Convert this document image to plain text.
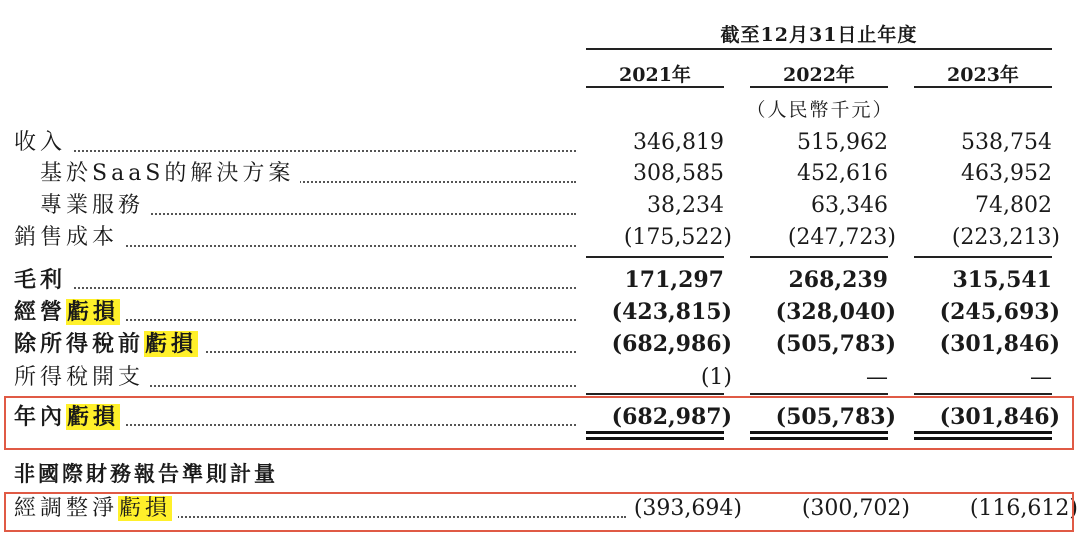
截至12月31日止年度
2021年	2022年	2023年
（人民幣千元）
收入	346,819	515,962	538,754
基於SaaS的解決方案	308,585	452,616	463,952
專業服務	38,234	63,346	74,802
銷售成本	(175,522)	(247,723)	(223,213)
毛利	171,297	268,239	315,541
經營虧損	(423,815)	(328,040)	(245,693)
除所得稅前虧損	(682,986)	(505,783)	(301,846)
所得稅開支	(1)	—	—
年內虧損	(682,987)	(505,783)	(301,846)
非國際財務報告準則計量
經調整淨虧損	(393,694)	(300,702)	(116,612)
